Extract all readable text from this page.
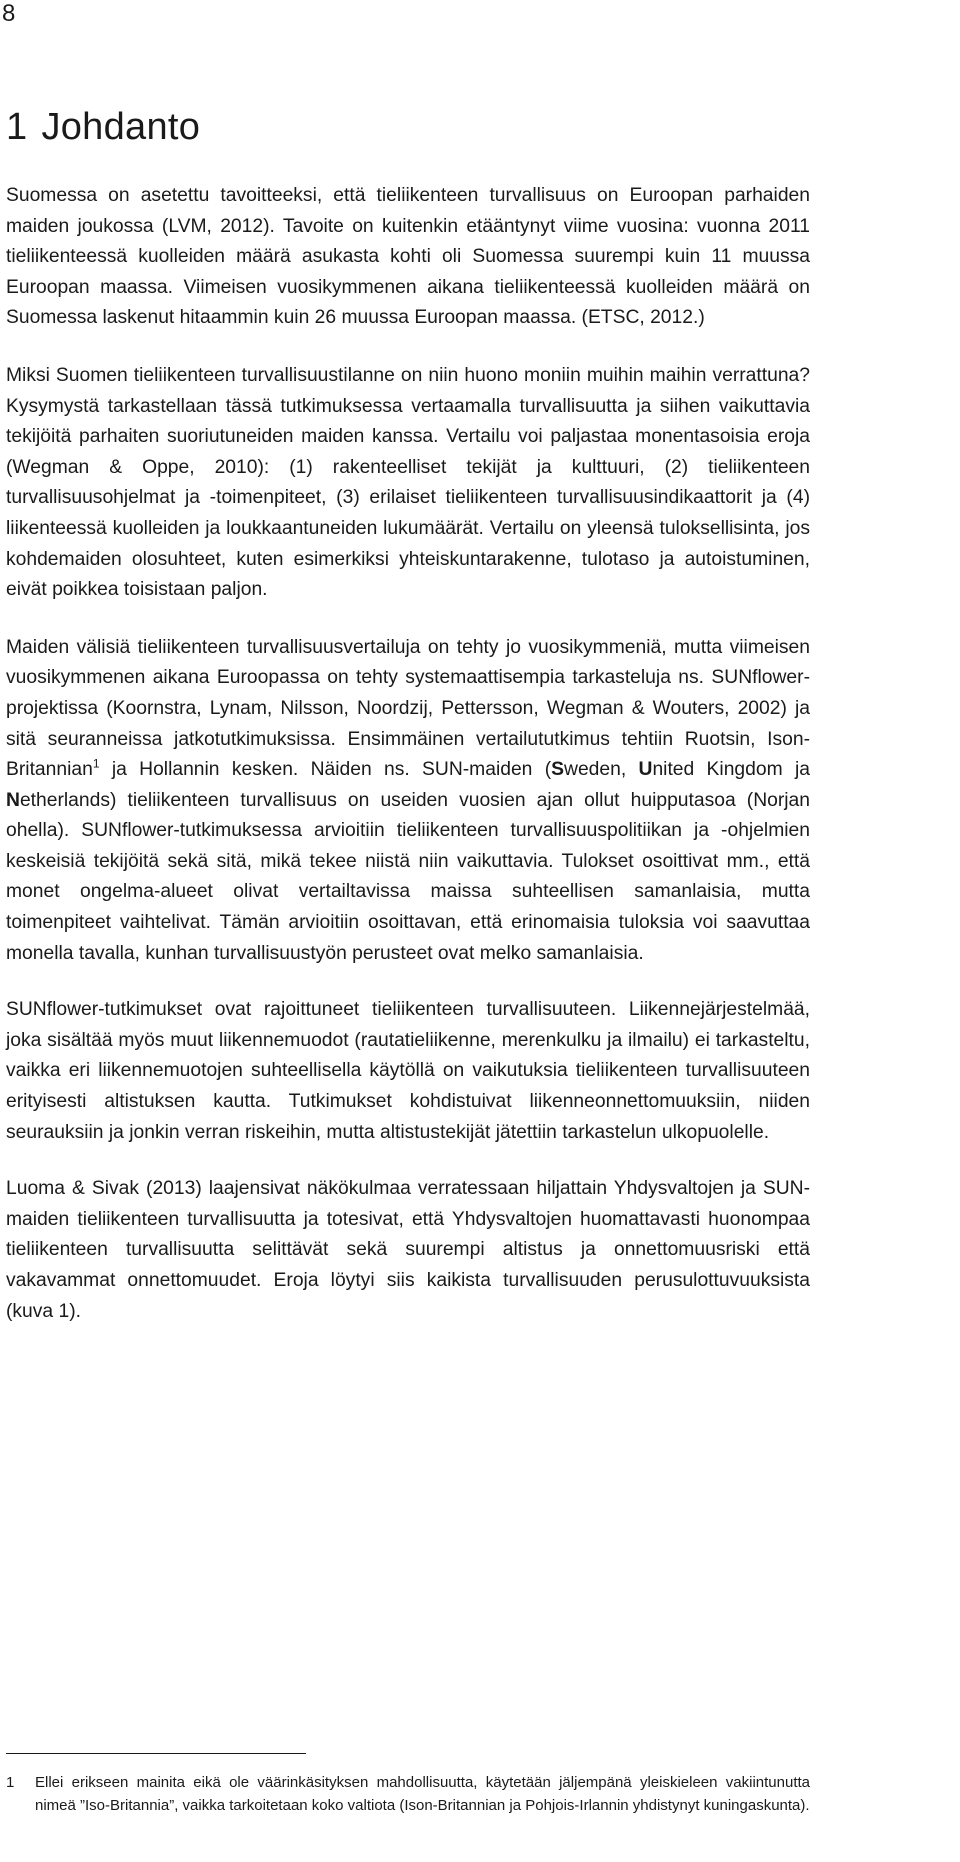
8
1 Johdanto

Suomessa on asetettu tavoitteeksi, että tieliikenteen turvallisuus on Euroopan parhaiden maiden joukossa (LVM, 2012). Tavoite on kuitenkin etääntynyt viime vuosina: vuonna 2011 tieliikenteessä kuolleiden määrä asukasta kohti oli Suomessa suurempi kuin 11 muussa Euroopan maassa. Viimeisen vuosikymmenen aikana tieliikenteessä kuolleiden määrä on Suomessa laskenut hitaammin kuin 26 muussa Euroopan maassa. (ETSC, 2012.)

Miksi Suomen tieliikenteen turvallisuustilanne on niin huono moniin muihin maihin verrattuna? Kysymystä tarkastellaan tässä tutkimuksessa vertaamalla turvallisuutta ja siihen vaikuttavia tekijöitä parhaiten suoriutuneiden maiden kanssa. Vertailu voi paljastaa monentasoisia eroja (Wegman & Oppe, 2010): (1) rakenteelliset tekijät ja kulttuuri, (2) tieliikenteen turvallisuusohjelmat ja -toimenpiteet, (3) erilaiset tieliikenteen turvallisuusindikaattorit ja (4) liikenteessä kuolleiden ja loukkaantuneiden lukumäärät. Vertailu on yleensä tuloksellisinta, jos kohdemaiden olosuhteet, kuten esimerkiksi yhteiskuntarakenne, tulotaso ja autoistuminen, eivät poikkea toisistaan paljon.

Maiden välisiä tieliikenteen turvallisuusvertailuja on tehty jo vuosikymmeniä, mutta viimeisen vuosikymmenen aikana Euroopassa on tehty systemaattisempia tarkasteluja ns. SUNflower-projektissa (Koornstra, Lynam, Nilsson, Noordzij, Pettersson, Wegman & Wouters, 2002) ja sitä seuranneissa jatkotutkimuksissa. Ensimmäinen vertailututkimus tehtiin Ruotsin, Ison-Britannian$^1$ ja Hollannin kesken. Näiden ns. SUN-maiden (Sweden, United Kingdom ja Netherlands) tieliikenteen turvallisuus on useiden vuosien ajan ollut huipputasoa (Norjan ohella). SUNflower-tutkimuksessa arvioitiin tieliikenteen turvallisuuspolitiikan ja -ohjelmien keskeisiä tekijöitä sekä sitä, mikä tekee niistä niin vaikuttavia. Tulokset osoittivat mm., että monet ongelma-alueet olivat vertailtavissa maissa suhteellisen samanlaisia, mutta toimenpiteet vaihtelivat. Tämän arvioitiin osoittavan, että erinomaisia tuloksia voi saavuttaa monella tavalla, kunhan turvallisuustyön perusteet ovat melko samanlaisia.

SUNflower-tutkimukset ovat rajoittuneet tieliikenteen turvallisuuteen. Liikennejärjestelmää, joka sisältää myös muut liikennemuodot (rautatieliikenne, merenkulku ja ilmailu) ei tarkasteltu, vaikka eri liikennemuotojen suhteellisella käytöllä on vaikutuksia tieliikenteen turvallisuuteen erityisesti altistuksen kautta. Tutkimukset kohdistuivat liikenneonnettomuuksiin, niiden seurauksiin ja jonkin verran riskeihin, mutta altistustekijät jätettiin tarkastelun ulkopuolelle.

Luoma & Sivak (2013) laajensivat näkökulmaa verratessaan hiljattain Yhdysvaltojen ja SUN-maiden tieliikenteen turvallisuutta ja totesivat, että Yhdysvaltojen huomattavasti huonompaa tieliikenteen turvallisuutta selittävät sekä suurempi altistus ja onnettomuusriski että vakavammat onnettomuudet. Eroja löytyi siis kaikista turvallisuuden perusulottuvuuksista (kuva 1).

1 Ellei erikseen mainita eikä ole väärinkäsityksen mahdollisuutta, käytetään jäljempänä yleiskieleen vakiintunutta nimeä ”Iso-Britannia”, vaikka tarkoitetaan koko valtiota (Ison-Britannian ja Pohjois-Irlannin yhdistynyt kuningaskunta).
